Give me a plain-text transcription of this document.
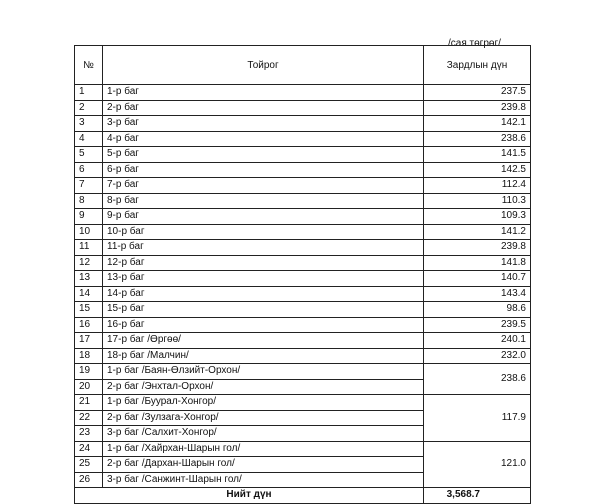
/сая.төгрөг/
№	Тойрог	Зардлын дүн
1	1-р баг	237.5
2	2-р баг	239.8
3	3-р баг	142.1
4	4-р баг	238.6
5	5-р баг	141.5
6	6-р баг	142.5
7	7-р баг	112.4
8	8-р баг	110.3
9	9-р баг	109.3
10	10-р баг	141.2
11	11-р баг	239.8
12	12-р баг	141.8
13	13-р баг	140.7
14	14-р баг	143.4
15	15-р баг	98.6
16	16-р баг	239.5
17	17-р баг /Өргөө/	240.1
18	18-р баг /Малчин/	232.0
19	1-р баг /Баян-Өлзийт-Орхон/	238.6
20	2-р баг /Энхтал-Орхон/	
21	1-р баг /Буурал-Хонгор/	117.9
22	2-р баг /Зулзага-Хонгор/	
23	3-р баг /Салхит-Хонгор/	
24	1-р баг /Хайрхан-Шарын гол/	121.0
25	2-р баг /Дархан-Шарын гол/	
26	3-р баг /Санжинт-Шарын гол/	
Нийт дүн		3,568.7
